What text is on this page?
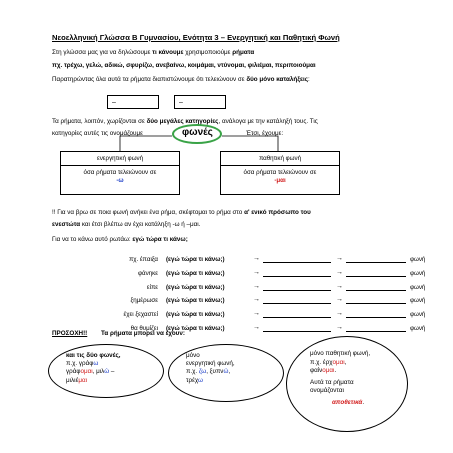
Νεοελληνική Γλώσσα Β Γυμνασίου, Ενότητα 3 – Ενεργητική και Παθητική Φωνή
Στη γλώσσα μας για να δηλώσουμε τι κάνουμε χρησιμοποιούμε ρήματα
πχ. τρέχω, γελώ, αδικώ, σφυρίζω, ανεβαίνω, κοιμάμαι, ντύνομαι, φιλιέμαι, περιποιούμαι
Παρατηρώντας όλα αυτά τα ρήματα διαπιστώνουμε ότι τελειώνουν σε δύο μόνο καταλήξεις:
–	–
Τα ρήματα, λοιπόν, χωρίζονται σε δύο μεγάλες κατηγορίες, ανάλογα με την κατάληξή τους. Τις
κατηγορίες αυτές τις ονομάζουμε	φωνές	Έτσι, έχουμε:
ενεργητική φωνή
όσα ρήματα τελειώνουν σε
-ω
παθητική φωνή
όσα ρήματα τελειώνουν σε
-μαι
!! Για να βρω σε ποια φωνή ανήκει ένα ρήμα, σκέφτομαι το ρήμα στο α' ενικό πρόσωπο του
ενεστώτα και έτσι βλέπω αν έχει κατάληξη -ω ή –μαι.
Για να το κάνω αυτό ρωτάω: εγώ τώρα τι κάνω;
πχ. έπαιξα (εγώ τώρα τι κάνω;)	→	→	φωνή
φάνηκε (εγώ τώρα τι κάνω;)	→	→	φωνή
είπε (εγώ τώρα τι κάνω;)	→	→	φωνή
ξημέρωσε (εγώ τώρα τι κάνω;)	→	→	φωνή
έχει ξεχαστεί (εγώ τώρα τι κάνω;)	→	→	φωνή
θα θυμίζει (εγώ τώρα τι κάνω;)	→	→	φωνή
ΠΡΟΣΟΧΗ!! Τα ρήματα μπορεί να έχουν:
και τις δύο φωνές,
π.χ. γράφω
γράφομαι, μιλώ –
μιλιέμαι
μόνο
ενεργητική φωνή,
π.χ. ζω, ξυπνώ,
τρέχω
μόνο παθητική φωνή,
π.χ. έρχομαι,
φαίνομαι.
Αυτά τα ρήματα
ονομάζονται
αποθετικά.
